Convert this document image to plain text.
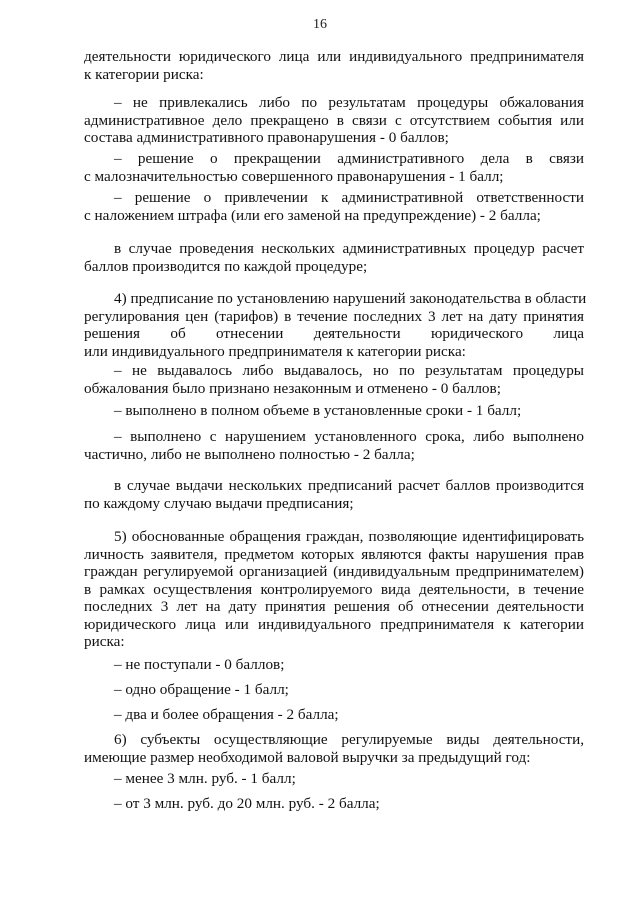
16
деятельности юридического лица или индивидуального предпринимателя
к категории риска:
– не привлекались либо по результатам процедуры обжалования
административное дело прекращено в связи с отсутствием события или
состава административного правонарушения - 0 баллов;
– решение о прекращении административного дела в связи
с малозначительностью совершенного правонарушения - 1 балл;
– решение о привлечении к административной ответственности
с наложением штрафа (или его заменой на предупреждение) - 2 балла;
в случае проведения нескольких административных процедур расчет
баллов производится по каждой процедуре;
4) предписание по установлению нарушений законодательства в области
регулирования цен (тарифов) в течение последних 3 лет на дату принятия
решения об отнесении деятельности юридического лица
или индивидуального предпринимателя к категории риска:
– не выдавалось либо выдавалось, но по результатам процедуры
обжалования было признано незаконным и отменено - 0 баллов;
– выполнено в полном объеме в установленные сроки - 1 балл;
– выполнено с нарушением установленного срока, либо выполнено
частично, либо не выполнено полностью - 2 балла;
в случае выдачи нескольких предписаний расчет баллов производится
по каждому случаю выдачи предписания;
5) обоснованные обращения граждан, позволяющие идентифицировать
личность заявителя, предметом которых являются факты нарушения прав
граждан регулируемой организацией (индивидуальным предпринимателем)
в рамках осуществления контролируемого вида деятельности, в течение
последних 3 лет на дату принятия решения об отнесении деятельности
юридического лица или индивидуального предпринимателя к категории
риска:
– не поступали - 0 баллов;
– одно обращение - 1 балл;
– два и более обращения - 2 балла;
6) субъекты осуществляющие регулируемые виды деятельности,
имеющие размер необходимой валовой выручки за предыдущий год:
– менее 3 млн. руб. - 1 балл;
– от 3 млн. руб. до 20 млн. руб. - 2 балла;
